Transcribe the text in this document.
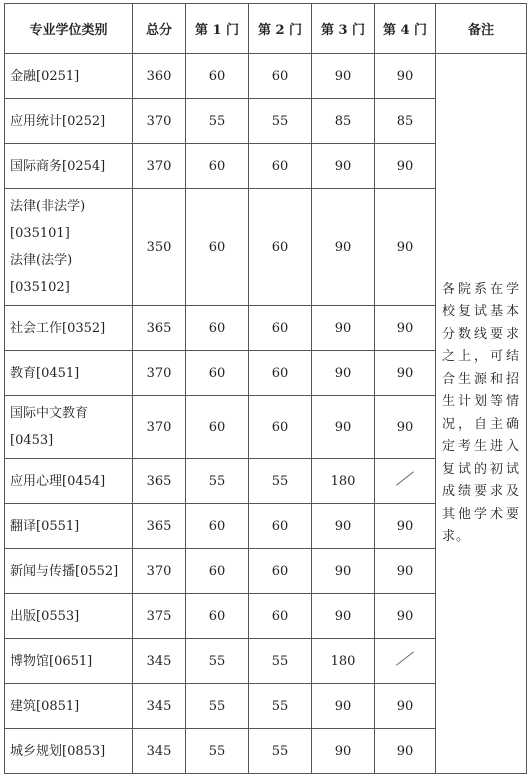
专业学位类别	总分	第 1 门	第 2 门	第 3 门	第 4 门	备注
金融[0251]	360	60	60	90	90	各院系在学校复试基本分数线要求之上，可结合生源和招生计划等情况，自主确定考生进入复试的初试成绩要求及其他学术要求。
应用统计[0252]	370	55	55	85	85	
国际商务[0254]	370	60	60	90	90	

法律(非法学)
[035101]
法律(法学)
[035102]	350	60	60	90	90	
社会工作[0352]	365	60	60	90	90	
教育[0451]	370	60	60	90	90	

国际中文教育
[0453]	370	60	60	90	90	
应用心理[0454]	365	55	55	180		
翻译[0551]	365	60	60	90	90	
新闻与传播[0552]	370	60	60	90	90	
出版[0553]	375	60	60	90	90	
博物馆[0651]	345	55	55	180		
建筑[0851]	345	55	55	90	90	
城乡规划[0853]	345	55	55	90	90	
